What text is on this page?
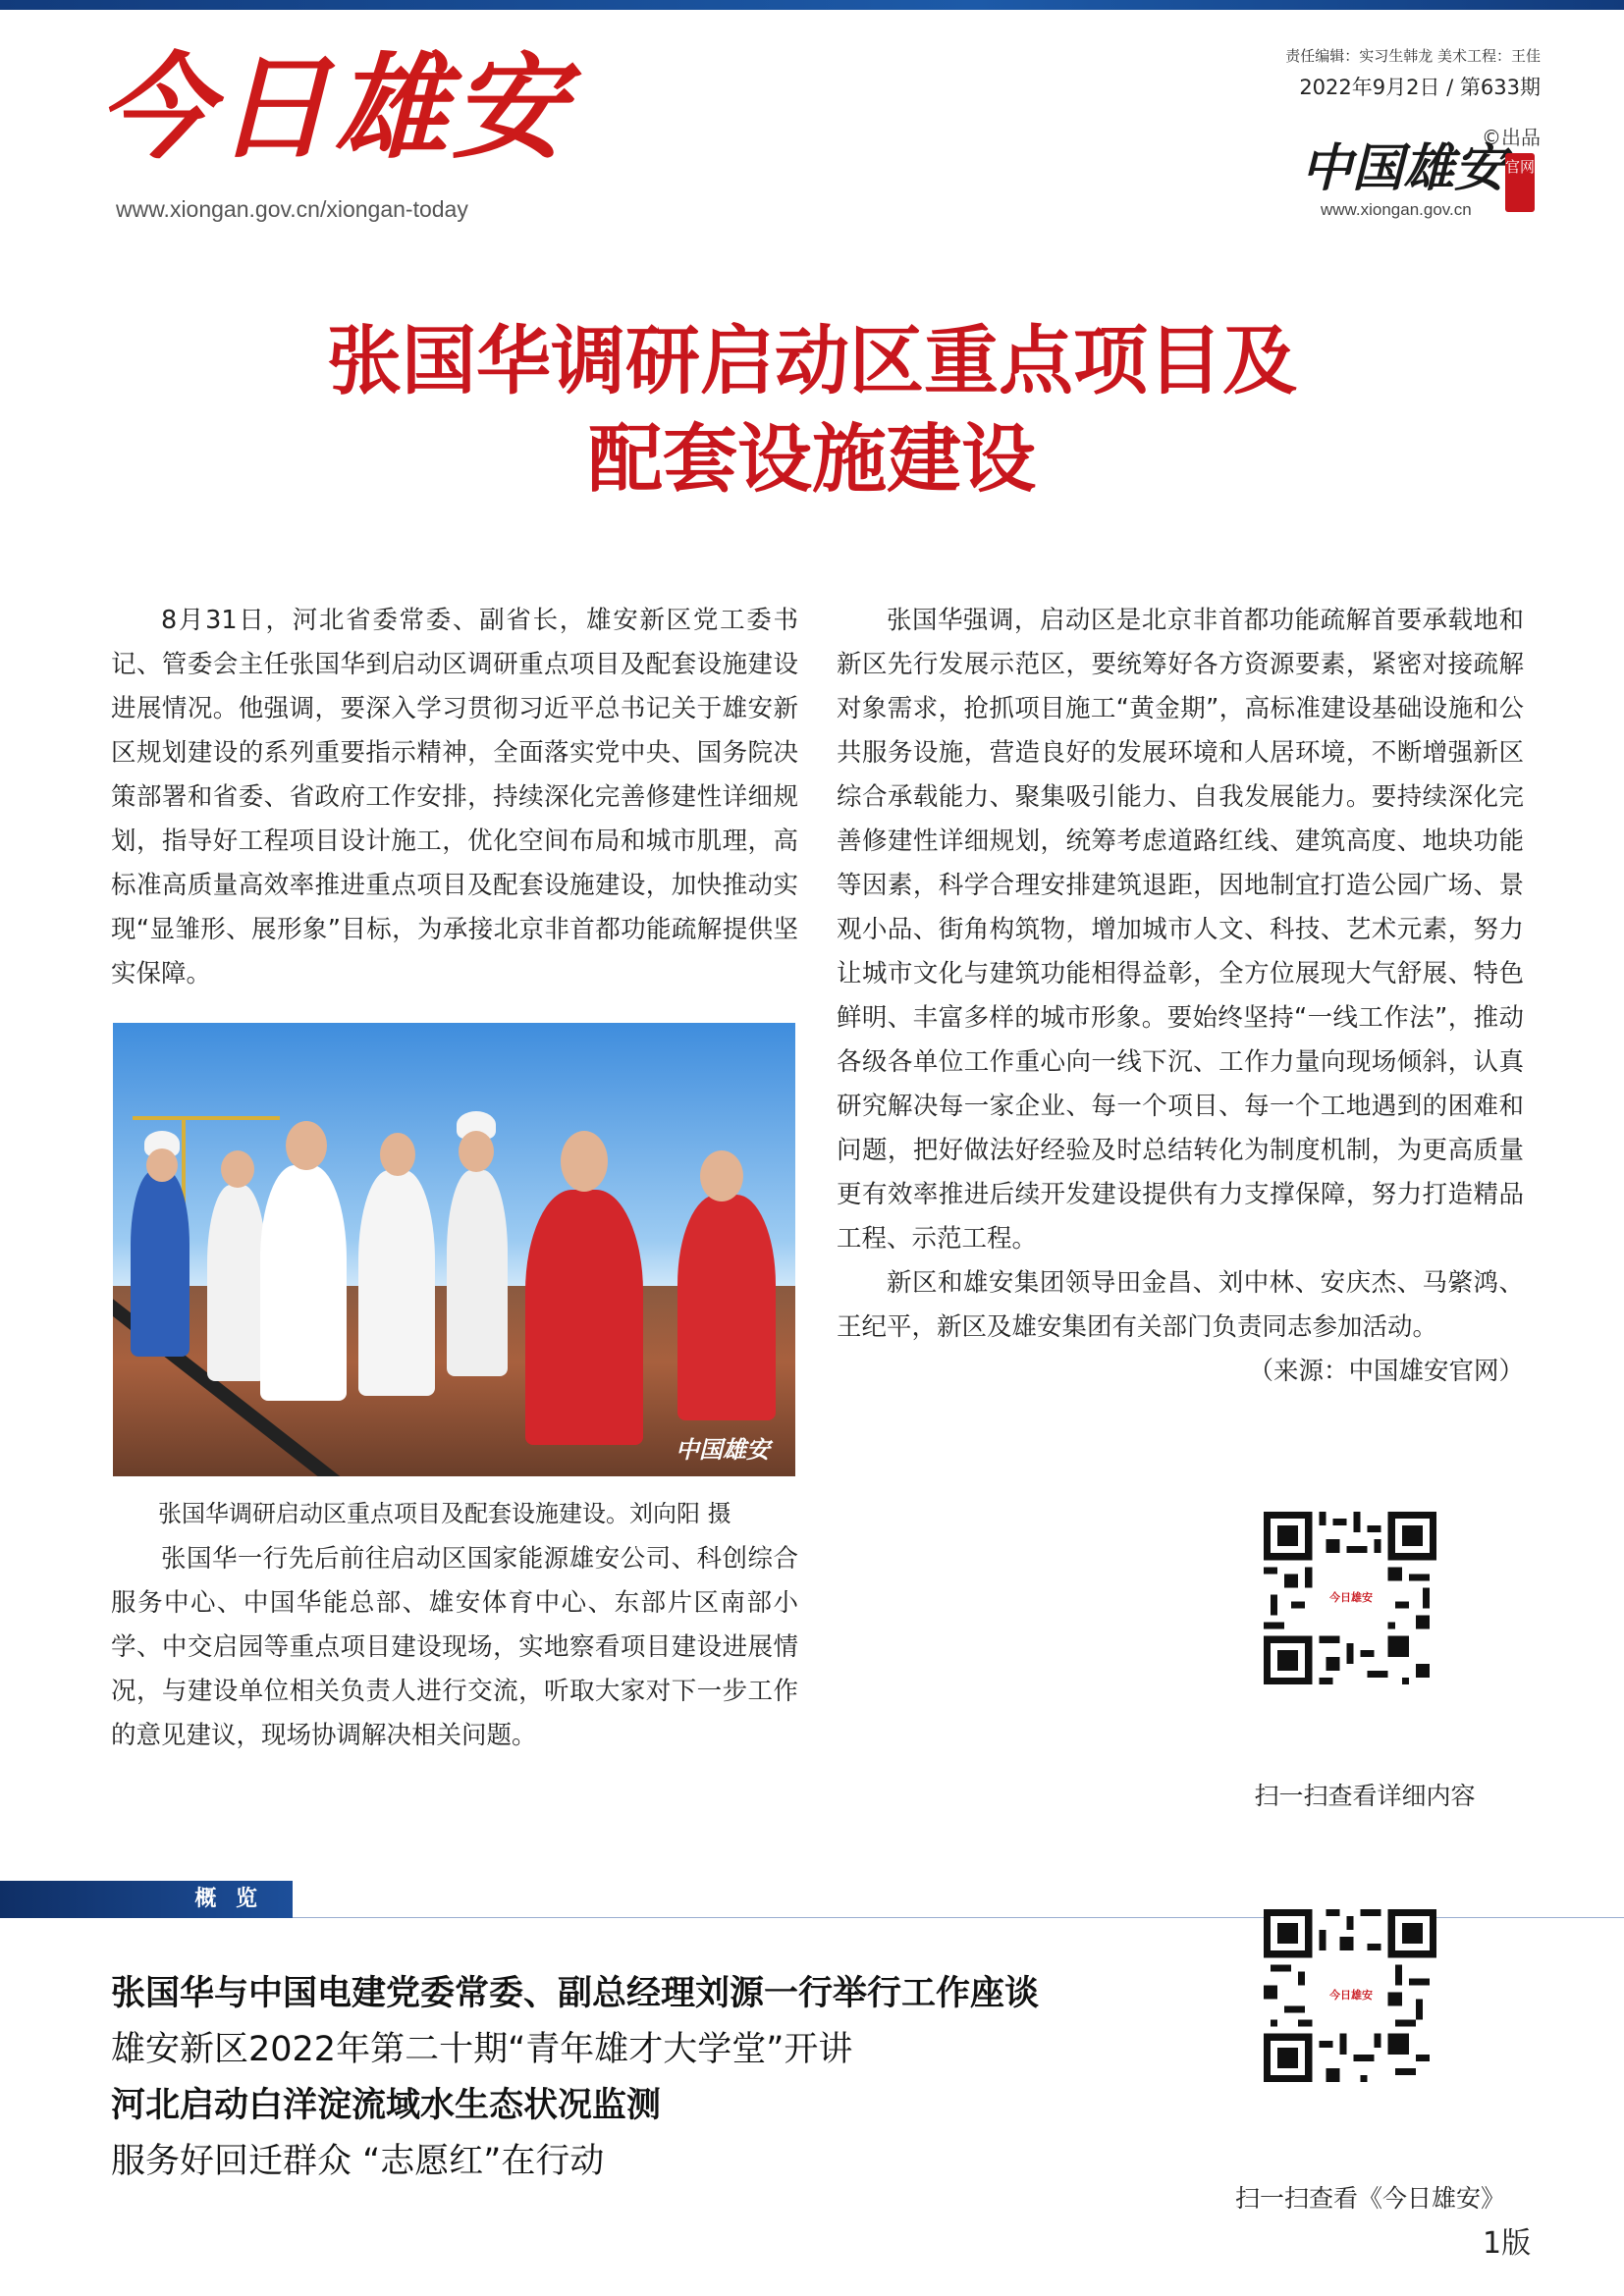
今日雄安
www.xiongan.gov.cn/xiongan-today
责任编辑：实习生韩龙 美术工程：王佳
2022年9月2日 / 第633期
©出品
中国雄安 官网
www.xiongan.gov.cn
张国华调研启动区重点项目及
配套设施建设

8月31日，河北省委常委、副省长，雄安新区党工委书记、管委会主任张国华到启动区调研重点项目及配套设施建设进展情况。他强调，要深入学习贯彻习近平总书记关于雄安新区规划建设的系列重要指示精神，全面落实党中央、国务院决策部署和省委、省政府工作安排，持续深化完善修建性详细规划，指导好工程项目设计施工，优化空间布局和城市肌理，高标准高质量高效率推进重点项目及配套设施建设，加快推动实现“显雏形、展形象”目标，为承接北京非首都功能疏解提供坚实保障。

中国雄安
张国华调研启动区重点项目及配套设施建设。刘向阳 摄

张国华一行先后前往启动区国家能源雄安公司、科创综合服务中心、中国华能总部、雄安体育中心、东部片区南部小学、中交启园等重点项目建设现场，实地察看项目建设进展情况，与建设单位相关负责人进行交流，听取大家对下一步工作的意见建议，现场协调解决相关问题。

张国华强调，启动区是北京非首都功能疏解首要承载地和新区先行发展示范区，要统筹好各方资源要素，紧密对接疏解对象需求，抢抓项目施工“黄金期”，高标准建设基础设施和公共服务设施，营造良好的发展环境和人居环境，不断增强新区综合承载能力、聚集吸引能力、自我发展能力。要持续深化完善修建性详细规划，统筹考虑道路红线、建筑高度、地块功能等因素，科学合理安排建筑退距，因地制宜打造公园广场、景观小品、街角构筑物，增加城市人文、科技、艺术元素，努力让城市文化与建筑功能相得益彰，全方位展现大气舒展、特色鲜明、丰富多样的城市形象。要始终坚持“一线工作法”，推动各级各单位工作重心向一线下沉、工作力量向现场倾斜，认真研究解决每一家企业、每一个项目、每一个工地遇到的困难和问题，把好做法好经验及时总结转化为制度机制，为更高质量更有效率推进后续开发建设提供有力支撑保障，努力打造精品工程、示范工程。

新区和雄安集团领导田金昌、刘中林、安庆杰、马綮鸿、王纪平，新区及雄安集团有关部门负责同志参加活动。

（来源：中国雄安官网）
今日雄安
扫一扫查看详细内容
概 览
张国华与中国电建党委常委、副总经理刘源一行举行工作座谈
雄安新区2022年第二十期“青年雄才大学堂”开讲
河北启动白洋淀流域水生态状况监测
服务好回迁群众 “志愿红”在行动
今日雄安
扫一扫查看《今日雄安》
1版
